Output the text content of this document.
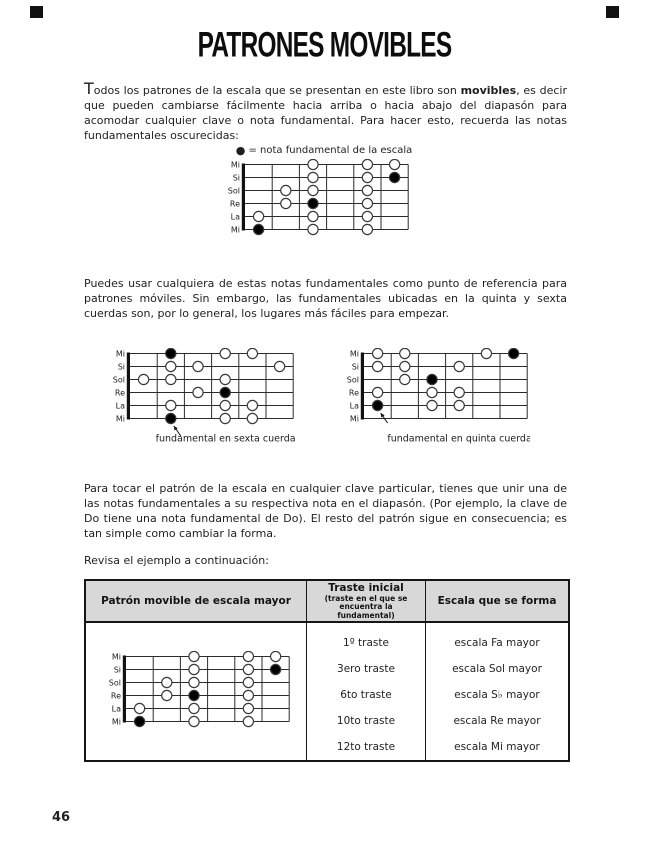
PATRONES MOVIBLES
Todos los patrones de la escala que se presentan en este libro son movibles, es decir que pueden cambiarse fácilmente hacia arriba o hacia abajo del diapasón para acomodar cualquier clave o nota fundamental. Para hacer esto, recuerda las notas fundamentales oscurecidas:
● = nota fundamental de la escala
Mi
Si
Sol
Re
La
Mi
Puedes usar cualquiera de estas notas fundamentales como punto de referencia para patrones móviles. Sin embargo, las fundamentales ubicadas en la quinta y sexta cuerdas son, por lo general, los lugares más fáciles para empezar.
Mi
Si
Sol
Re
La
Mi
fundamental en sexta cuerda
Mi
Si
Sol
Re
La
Mi
fundamental en quinta cuerda
Para tocar el patrón de la escala en cualquier clave particular, tienes que unir una de las notas fundamentales a su respectiva nota en el diapasón. (Por ejemplo, la clave de Do tiene una nota fundamental de Do). El resto del patrón sigue en consecuencia; es tan simple como cambiar la forma.
Revisa el ejemplo a continuación:
Patrón movible de escala mayor
Traste inicial
(traste en el que se encuentra la fundamental)
Escala que se forma
Mi
Si
Sol
Re
La
Mi
1º traste
3ero traste
6to traste
10to traste
12to traste
escala Fa mayor
escala Sol mayor
escala S♭ mayor
escala Re mayor
escala Mi mayor
46
